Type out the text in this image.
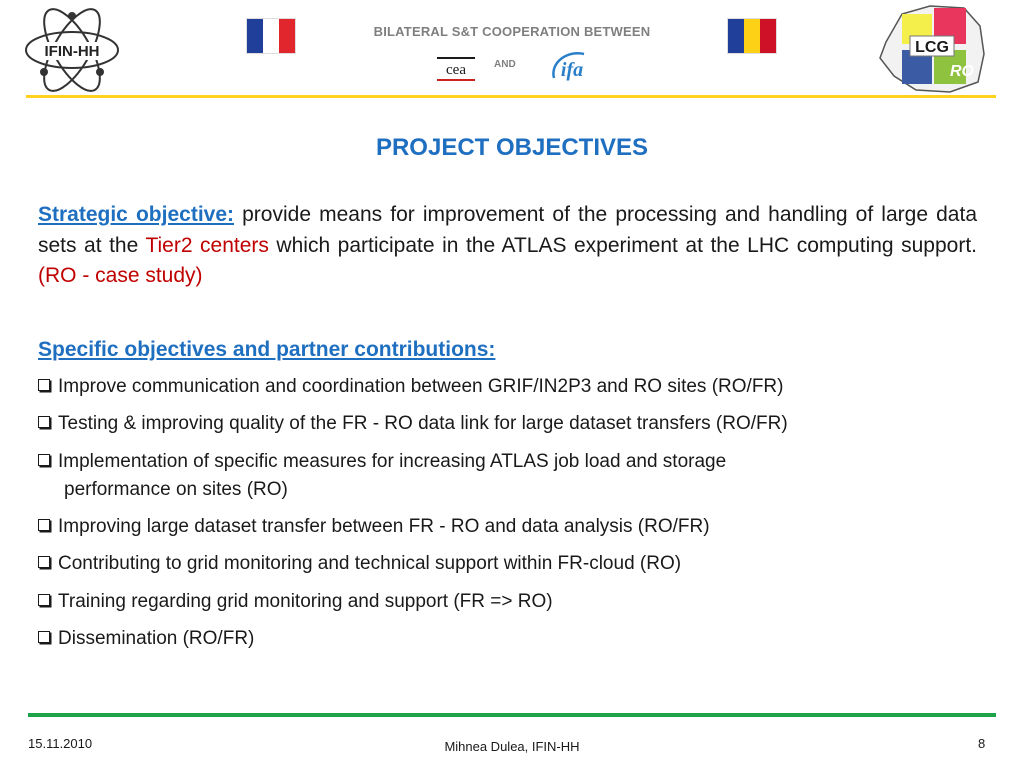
IFIN-HH
BILATERAL S&T COOPERATION BETWEEN
cea	AND ifa
LCG
RO
PROJECT OBJECTIVES
Strategic objective: provide means for improvement of the processing and handling of large data sets at the Tier2 centers which participate in the ATLAS experiment at the LHC computing support. (RO - case study)
Specific objectives and partner contributions:
Improve communication and coordination between GRIF/IN2P3 and RO sites (RO/FR)
Testing & improving quality of the FR - RO data link for large dataset transfers (RO/FR)
Implementation of specific measures for increasing ATLAS job load and storage
performance on sites (RO)
Improving large dataset transfer between FR - RO and data analysis (RO/FR)
Contributing to grid monitoring and technical support within FR-cloud (RO)
Training regarding grid monitoring and support (FR => RO)
Dissemination (RO/FR)
15.11.2010	Mihnea Dulea, IFIN-HH	8
